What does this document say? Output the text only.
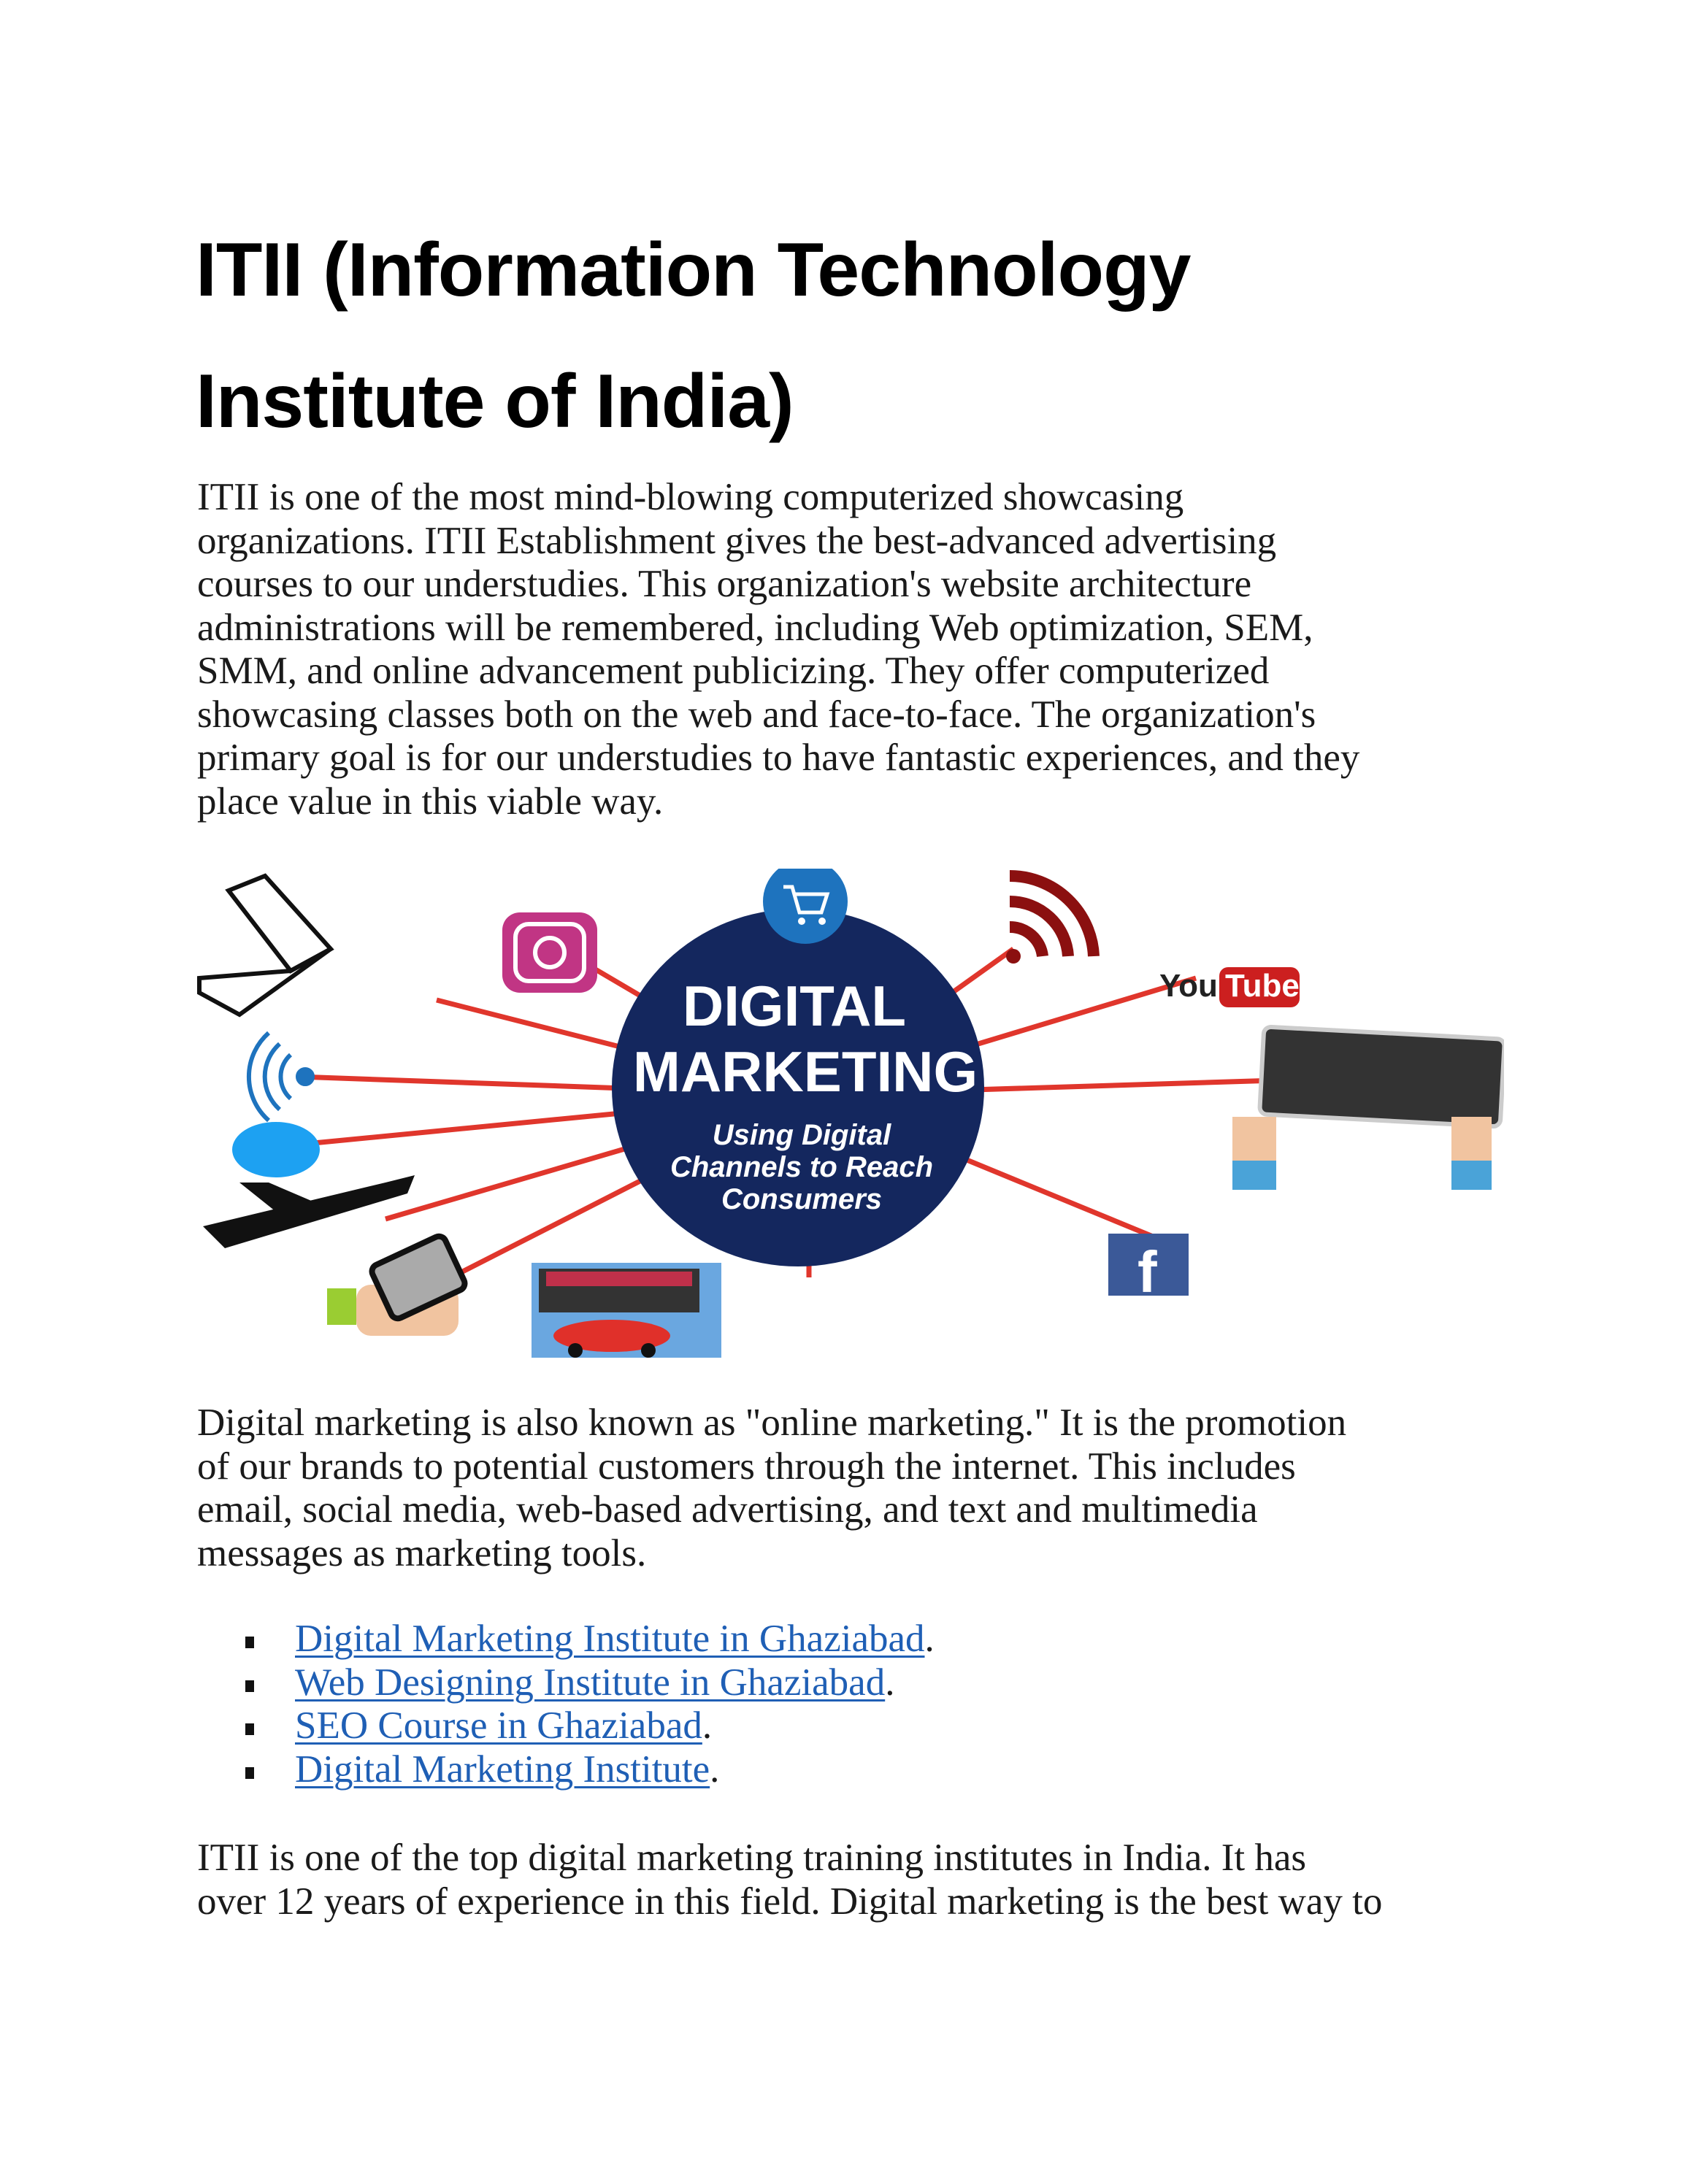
ITII (Information Technology
Institute of India)
ITII is one of the most mind-blowing computerized showcasing
organizations. ITII Establishment gives the best-advanced advertising
courses to our understudies. This organization's website architecture
administrations will be remembered, including Web optimization, SEM,
SMM, and online advancement publicizing. They offer computerized
showcasing classes both on the web and face-to-face. The organization's
primary goal is for our understudies to have fantastic experiences, and they
place value in this viable way.
DIGITAL
MARKETING
Using Digital
Channels to Reach
Consumers
You Tube
f
Digital marketing is also known as "online marketing." It is the promotion
of our brands to potential customers through the internet. This includes
email, social media, web-based advertising, and text and multimedia
messages as marketing tools.
Digital Marketing Institute in Ghaziabad.
Web Designing Institute in Ghaziabad.
SEO Course in Ghaziabad.
Digital Marketing Institute.
ITII is one of the top digital marketing training institutes in India. It has
over 12 years of experience in this field. Digital marketing is the best way to
